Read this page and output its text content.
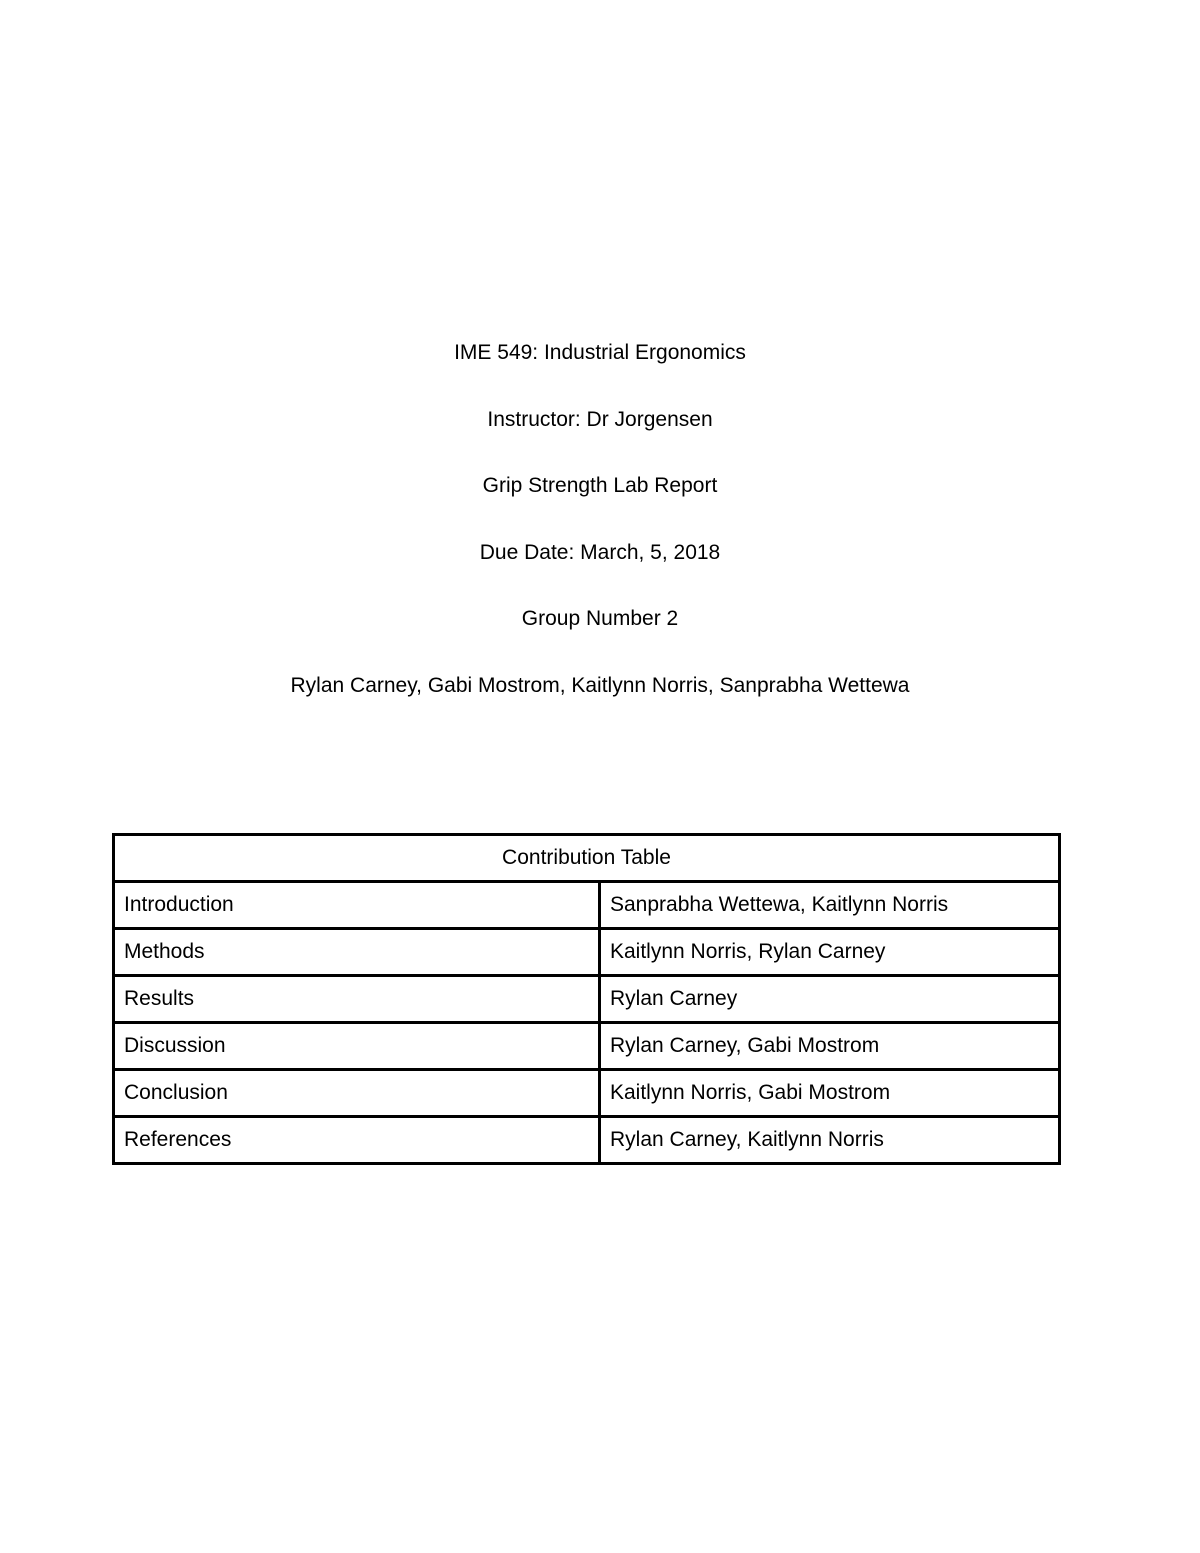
IME 549: Industrial Ergonomics
Instructor: Dr Jorgensen
Grip Strength Lab Report
Due Date: March, 5, 2018
Group Number 2
Rylan Carney, Gabi Mostrom, Kaitlynn Norris, Sanprabha Wettewa
Contribution Table	
Introduction	Sanprabha Wettewa, Kaitlynn Norris
Methods	Kaitlynn Norris, Rylan Carney
Results	Rylan Carney
Discussion	Rylan Carney, Gabi Mostrom
Conclusion	Kaitlynn Norris, Gabi Mostrom
References	Rylan Carney, Kaitlynn Norris
